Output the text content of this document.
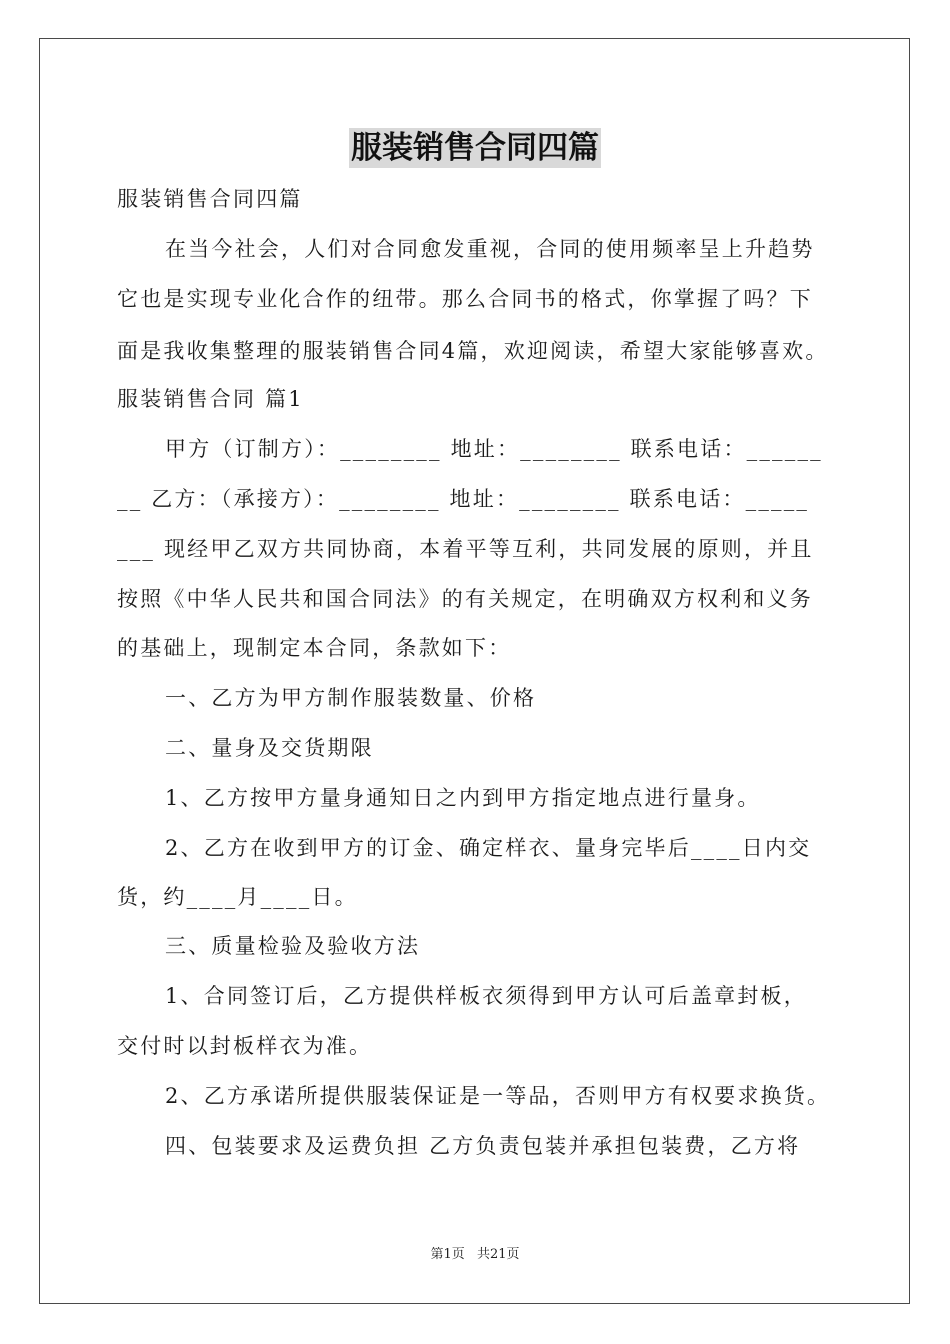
服装销售合同四篇
服装销售合同四篇
在当今社会，人们对合同愈发重视，合同的使用频率呈上升趋势
它也是实现专业化合作的纽带。那么合同书的格式，你掌握了吗？下
面是我收集整理的服装销售合同4篇，欢迎阅读，希望大家能够喜欢。
服装销售合同 篇1
甲方（订制方）：________ 地址：________ 联系电话：______
__ 乙方：（承接方）：________ 地址：________ 联系电话：_____
___ 现经甲乙双方共同协商，本着平等互利，共同发展的原则，并且
按照《中华人民共和国合同法》的有关规定，在明确双方权利和义务
的基础上，现制定本合同，条款如下：
一、乙方为甲方制作服装数量、价格
二、量身及交货期限
1、乙方按甲方量身通知日之内到甲方指定地点进行量身。
2、乙方在收到甲方的订金、确定样衣、量身完毕后____日内交
货，约____月____日。
三、质量检验及验收方法
1、合同签订后，乙方提供样板衣须得到甲方认可后盖章封板，
交付时以封板样衣为准。
2、乙方承诺所提供服装保证是一等品，否则甲方有权要求换货。
四、包装要求及运费负担 乙方负责包装并承担包装费，乙方将
第1页 共21页
